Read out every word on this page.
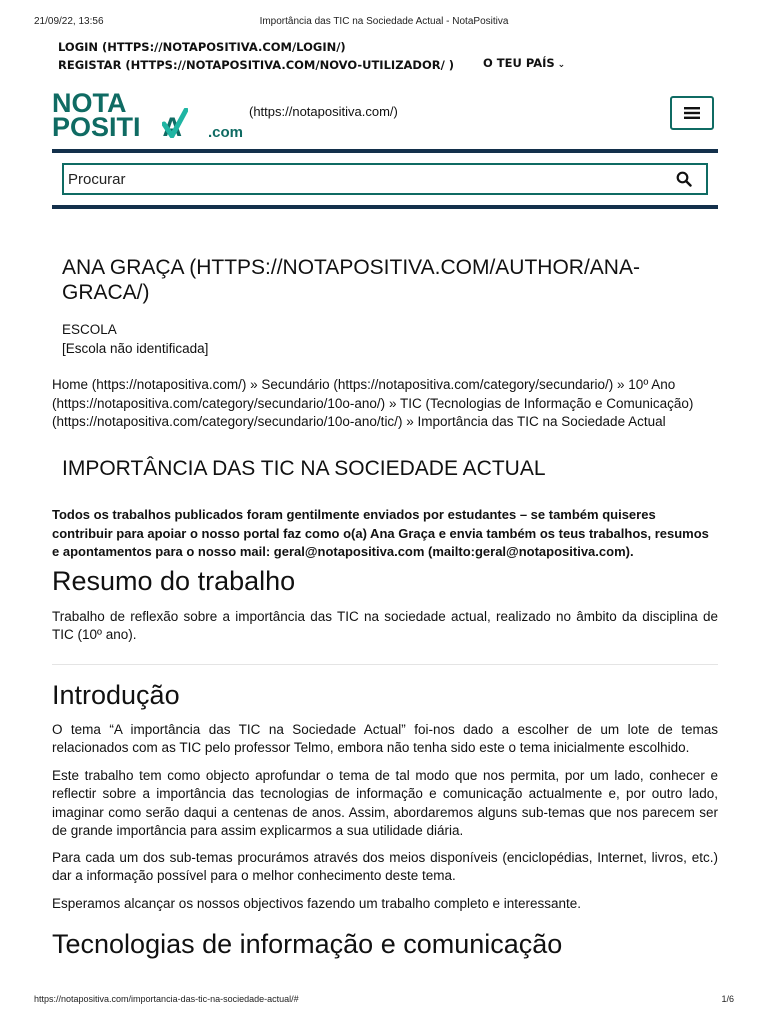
21/09/22, 13:56	Importância das TIC na Sociedade Actual - NotaPositiva
LOGIN (HTTPS://NOTAPOSITIVA.COM/LOGIN/)
REGISTAR (HTTPS://NOTAPOSITIVA.COM/NOVO-UTILIZADOR/ )	O TEU PAÍS ⌄
NOTA
POSITI A .com
(https://notapositiva.com/)
Procurar
ANA GRAÇA (HTTPS://NOTAPOSITIVA.COM/AUTHOR/ANA-GRACA/)
ESCOLA
[Escola não identificada]
Home (https://notapositiva.com/) » Secundário (https://notapositiva.com/category/secundario/) » 10º Ano (https://notapositiva.com/category/secundario/10o-ano/) » TIC (Tecnologias de Informação e Comunicação) (https://notapositiva.com/category/secundario/10o-ano/tic/) » Importância das TIC na Sociedade Actual
IMPORTÂNCIA DAS TIC NA SOCIEDADE ACTUAL
Todos os trabalhos publicados foram gentilmente enviados por estudantes – se também quiseres contribuir para apoiar o nosso portal faz como o(a) Ana Graça e envia também os teus trabalhos, resumos e apontamentos para o nosso mail: geral@notapositiva.com (mailto:geral@notapositiva.com).
Resumo do trabalho
Trabalho de reflexão sobre a importância das TIC na sociedade actual, realizado no âmbito da disciplina de TIC (10º ano).
Introdução
O tema “A importância das TIC na Sociedade Actual” foi-nos dado a escolher de um lote de temas relacionados com as TIC pelo professor Telmo, embora não tenha sido este o tema inicialmente escolhido.
Este trabalho tem como objecto aprofundar o tema de tal modo que nos permita, por um lado, conhecer e reflectir sobre a importância das tecnologias de informação e comunicação actualmente e, por outro lado, imaginar como serão daqui a centenas de anos. Assim, abordaremos alguns sub-temas que nos parecem ser de grande importância para assim explicarmos a sua utilidade diária.
Para cada um dos sub-temas procurámos através dos meios disponíveis (enciclopédias, Internet, livros, etc.) dar a informação possível para o melhor conhecimento deste tema.
Esperamos alcançar os nossos objectivos fazendo um trabalho completo e interessante.
Tecnologias de informação e comunicação
https://notapositiva.com/importancia-das-tic-na-sociedade-actual/#	1/6
